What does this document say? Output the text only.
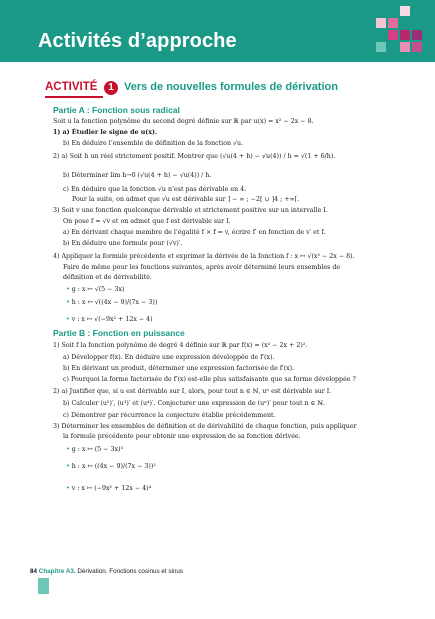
Activités d’approche
ACTIVITÉ	1 Vers de nouvelles formules de dérivation
Partie A : Fonction sous radical
Soit u la fonction polynôme du second degré définie sur ℝ par u(x) = x² − 2x − 8.
1) a) Étudier le signe de u(x).
b) En déduire l’ensemble de définition de la fonction √u.
2) a) Soit h un réel strictement positif. Montrer que (√u(4 + h) − √u(4)) / h = √(1 + 6/h).
b) Déterminer lim h→0 (√u(4 + h) − √u(4)) / h.
c) En déduire que la fonction √u n’est pas dérivable en 4.
Pour la suite, on admet que √u est dérivable sur ] − ∞ ; −2[ ∪ ]4 ; +∞[.
3) Soit v une fonction quelconque dérivable et strictement positive sur un intervalle I.
On pose f = √v et on admet que f est dérivable sur I.
a) En dérivant chaque membre de l’égalité f × f = v, écrire f′ en fonction de v′ et f.
b) En déduire une formule pour (√v)′.
4) Appliquer la formule précédente et exprimer la dérivée de la fonction f : x ↦ √(x² − 2x − 8).
Faire de même pour les fonctions suivantes, après avoir déterminé leurs ensembles de
définition et de dérivabilité.
• g : x ↦ √(5 − 3x)
• h : x ↦ √((4x − 9)/(7x − 3))
• v : x ↦ √(−9x² + 12x − 4)
Partie B : Fonction en puissance
1) Soit f la fonction polynôme de degré 4 définie sur ℝ par f(x) = (x² − 2x + 2)².
a) Développer f(x). En déduire une expression développée de f′(x).
b) En dérivant un produit, déterminer une expression factorisée de f′(x).
c) Pourquoi la forme factorisée de f′(x) est-elle plus satisfaisante que sa forme développée ?
2) a) Justifier que, si u est dérivable sur I, alors, pour tout n ∈ ℕ, uⁿ est dérivable sur I.
b) Calculer (u²)′, (u³)′ et (u⁴)′. Conjecturer une expression de (uⁿ)′ pour tout n ∈ ℕ.
c) Démontrer par récurrence la conjecture établie précédemment.
3) Déterminer les ensembles de définition et de dérivabilité de chaque fonction, puis appliquer
la formule précédente pour obtenir une expression de sa fonction dérivée.
• g : x ↦ (5 − 3x)³
• h : x ↦ ((4x − 9)/(7x − 3))²
• v : x ↦ (−9x² + 12x − 4)⁴
84 Chapitre A3. Dérivation. Fonctions cosinus et sinus
